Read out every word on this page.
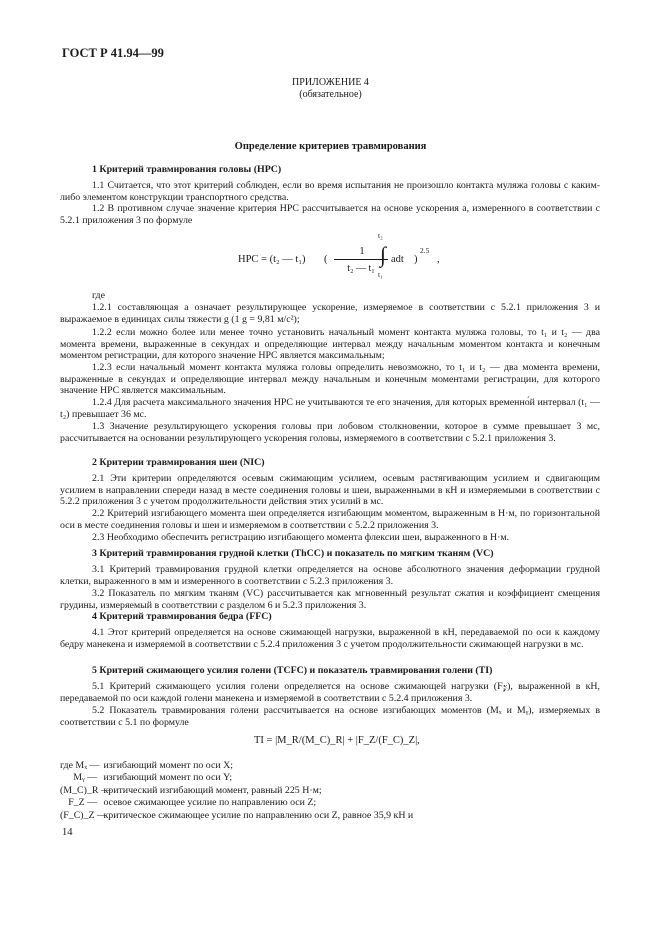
ГОСТ Р 41.94—99
ПРИЛОЖЕНИЕ 4
(обязательное)
Определение критериев травмирования
1 Критерий травмирования головы (HPC)
1.1 Считается, что этот критерий соблюден, если во время испытания не произошло контакта муляжа головы с каким-либо элементом конструкции транспортного средства.
1.2 В противном случае значение критерия HPC рассчитывается на основе ускорения a, измеренного в соответствии с 5.2.1 приложения 3 по формуле
HPC = (t₂ — t₁) (
1
t₂ — t₁
t₂
∫
t₁
adt )
2.5
,
где
1.2.1 составляющая a означает результирующее ускорение, измеряемое в соответствии с 5.2.1 приложения 3 и выражаемое в единицах силы тяжести g (1 g = 9,81 м/с²);
1.2.2 если можно более или менее точно установить начальный момент контакта муляжа головы, то t₁ и t₂ — два момента времени, выраженные в секундах и определяющие интервал между начальным моментом контакта и конечным моментом регистрации, для которого значение HPC является максимальным;
1.2.3 если начальный момент контакта муляжа головы определить невозможно, то t₁ и t₂ — два момента времени, выраженные в секундах и определяющие интервал между начальным и конечным моментами регистрации, для которого значение HPC является максимальным.
1.2.4 Для расчета максимального значения HPC не учитываются те его значения, для которых временно́й интервал (t₁ — t₂) превышает 36 мс.
1.3 Значение результирующего ускорения головы при лобовом столкновении, которое в сумме превышает 3 мс, рассчитывается на основании результирующего ускорения головы, измеряемого в соответствии с 5.2.1 приложения 3.
2 Критерии травмирования шеи (NIC)
2.1 Эти критерии определяются осевым сжимающим усилием, осевым растягивающим усилием и сдвигающим усилием в направлении спереди назад в месте соединения головы и шеи, выраженными в кН и измеряемыми в соответствии с 5.2.2 приложения 3 с учетом продолжительности действия этих усилий в мс.
2.2 Критерий изгибающего момента шеи определяется изгибающим моментом, выраженным в Н·м, по горизонтальной оси в месте соединения головы и шеи и измеряемом в соответствии с 5.2.2 приложения 3.
2.3 Необходимо обеспечить регистрацию изгибающего момента флексии шеи, выраженного в Н·м.
3 Критерий травмирования грудной клетки (ThCC) и показатель по мягким тканям (VC)
3.1 Критерий травмирования грудной клетки определяется на основе абсолютного значения деформации грудной клетки, выраженного в мм и измеренного в соответствии с 5.2.3 приложения 3.
3.2 Показатель по мягким тканям (VC) рассчитывается как мгновенный результат сжатия и коэффициент смещения грудины, измеряемый в соответствии с разделом 6 и 5.2.3 приложения 3.
4 Критерий травмирования бедра (FFC)
4.1 Этот критерий определяется на основе сжимающей нагрузки, выраженной в кН, передаваемой по оси к каждому бедру манекена и измеряемой в соответствии с 5.2.4 приложения 3 с учетом продолжительности сжимающей нагрузки в мс.
5 Критерий сжимающего усилия голени (TCFC) и показатель травмирования голени (TI)
5.1 Критерий сжимающего усилия голени определяется на основе сжимающей нагрузки (F𝓏), выраженной в кН, передаваемой по оси каждой голени манекена и измеряемой в соответствии с 5.2.4 приложения 3.
5.2 Показатель травмирования голени рассчитывается на основе изгибающих моментов (Mₓ и Mᵧ), измеряемых в соответствии с 5.1 по формуле
TI = |M_R/(M_C)_R| + |F_Z/(F_C)_Z|,
где Mₓ — изгибающий момент по оси X;
Mᵧ — изгибающий момент по оси Y;
(M_C)_R — критический изгибающий момент, равный 225 Н·м;
F_Z — осевое сжимающее усилие по направлению оси Z;
(F_C)_Z — критическое сжимающее усилие по направлению оси Z, равное 35,9 кН и
14
